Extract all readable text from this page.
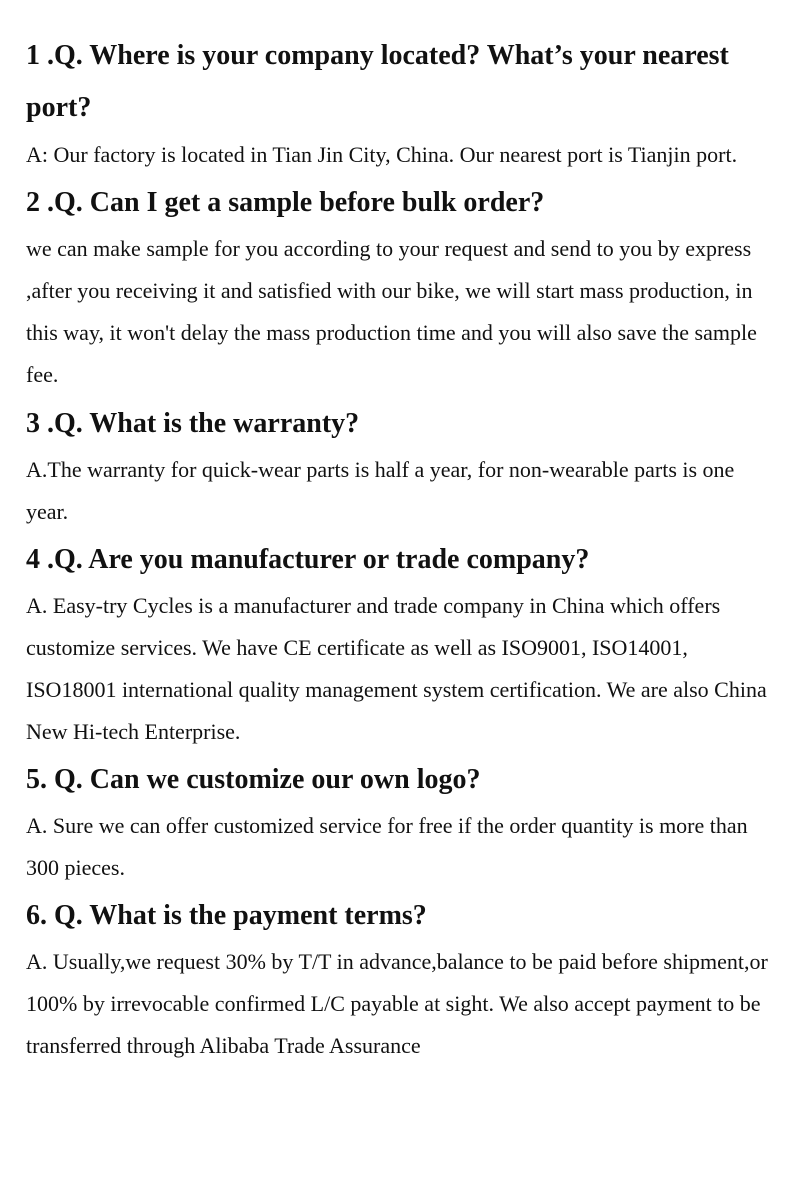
1 .Q. Where is your company located? What’s your nearest port?

A: Our factory is located in Tian Jin City, China. Our nearest port is Tianjin port.

2 .Q. Can I get a sample before bulk order?

we can make sample for you according to your request and send to you by express ,after you receiving it and satisfied with our bike, we will start mass production, in this way, it won't delay the mass production time and you will also save the sample fee.

3 .Q. What is the warranty?

A.The warranty for quick-wear parts is half a year, for non-wearable parts is one year.

4 .Q. Are you manufacturer or trade company?

A. Easy-try Cycles is a manufacturer and trade company in China which offers customize services. We have CE certificate as well as ISO9001, ISO14001, ISO18001 international quality management system certification. We are also China New Hi-tech Enterprise.

5. Q. Can we customize our own logo?

A. Sure we can offer customized service for free if the order quantity is more than 300 pieces.

6. Q. What is the payment terms?

A. Usually,we request 30% by T/T in advance,balance to be paid before shipment,or 100% by irrevocable confirmed L/C payable at sight. We also accept payment to be transferred through Alibaba Trade Assurance
